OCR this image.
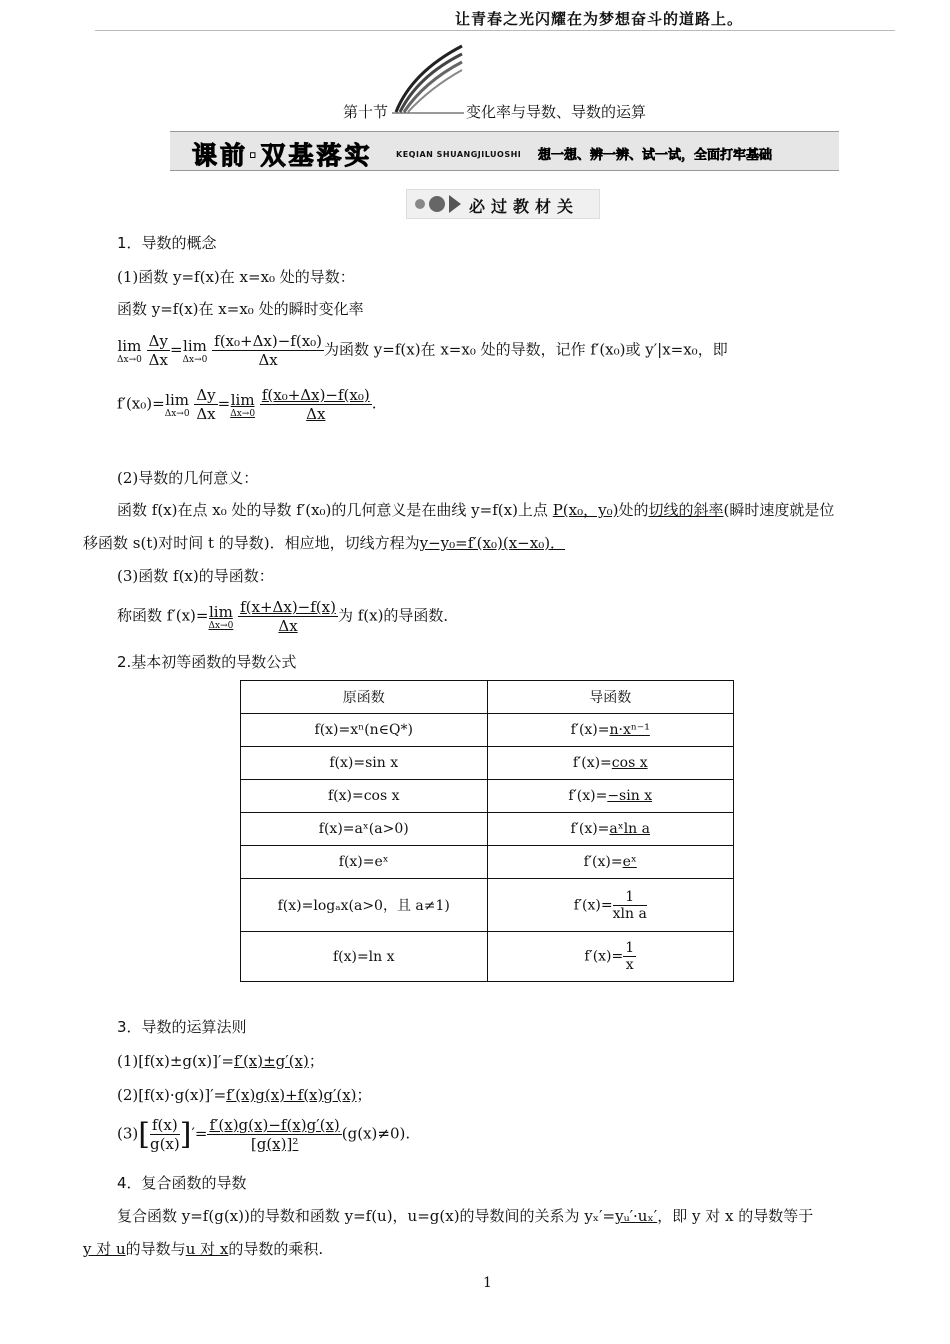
让青春之光闪耀在为梦想奋斗的道路上。
第十节	变化率与导数、导数的运算
课前·双基落实	KEQIAN SHUANGJILUOSHI 想一想、辨一辨、试一试，全面打牢基础
必过教材关
1．导数的概念
(1)函数 y=f(x)在 x=x₀ 处的导数：
函数 y=f(x)在 x=x₀ 处的瞬时变化率
lim
Δx→0
$\frac{\Delta y}{\Delta x} =\lim$
Δx→0
$\frac{\text{f(x₀+Δx)−f(x₀)}}{\Delta x}$ 为函数 y=f(x)在 x=x₀ 处的导数，记作 f′(x₀)或 y′|x=x₀，即
f′(x₀)=lim
Δx→0
$\frac{\Delta y}{\Delta x} =\lim$
Δx→0
$\frac{\text{f(x₀+Δx)−f(x₀)}}{\Delta x}$ .
(2)导数的几何意义：
函数 f(x)在点 x₀ 处的导数 f′(x₀)的几何意义是在曲线 y=f(x)上点 P(x₀，y₀)处的切线的斜率(瞬时速度就是位
移函数 s(t)对时间 t 的导数)．相应地，切线方程为y−y₀=f′(x₀)(x−x₀)．
(3)函数 f(x)的导函数：
称函数 f′(x)=lim
Δx→0
$\frac{f(x+\Delta x)-f(x)}{\Delta x}$ 为 f(x)的导函数．
2.基本初等函数的导数公式
原函数	导函数
f(x)=xⁿ(n∈Q*)	f′(x)=n·xⁿ⁻¹
f(x)=sin x	f′(x)=cos x
f(x)=cos x	f′(x)=−sin x
f(x)=aˣ(a>0)	f′(x)=aˣln a
f(x)=eˣ	f′(x)=eˣ
f(x)=logₐx(a>0，且 a≠1)	$f'(x)= \frac{1}{\text{xln a}}$

f(x)=ln x	$f'(x)= \frac{1}{x}$
3．导数的运算法则
(1)[f(x)±g(x)]′=f′(x)±g′(x)；
(2)[f(x)·g(x)]′=f′(x)g(x)+f(x)g′(x)；
$(3)[ \frac{f(x)}{g(x)}$ ]′= $\frac{f'(x)g(x)-f(x)g'(x)}{\text{[g(x)]²}} (g(x)\ne 0)$.
4．复合函数的导数
复合函数 y=f(g(x))的导数和函数 y=f(u)，u=g(x)的导数间的关系为 yₓ′=yᵤ′·uₓ′，即 y 对 x 的导数等于
y 对 u的导数与u 对 x的导数的乘积.
1
